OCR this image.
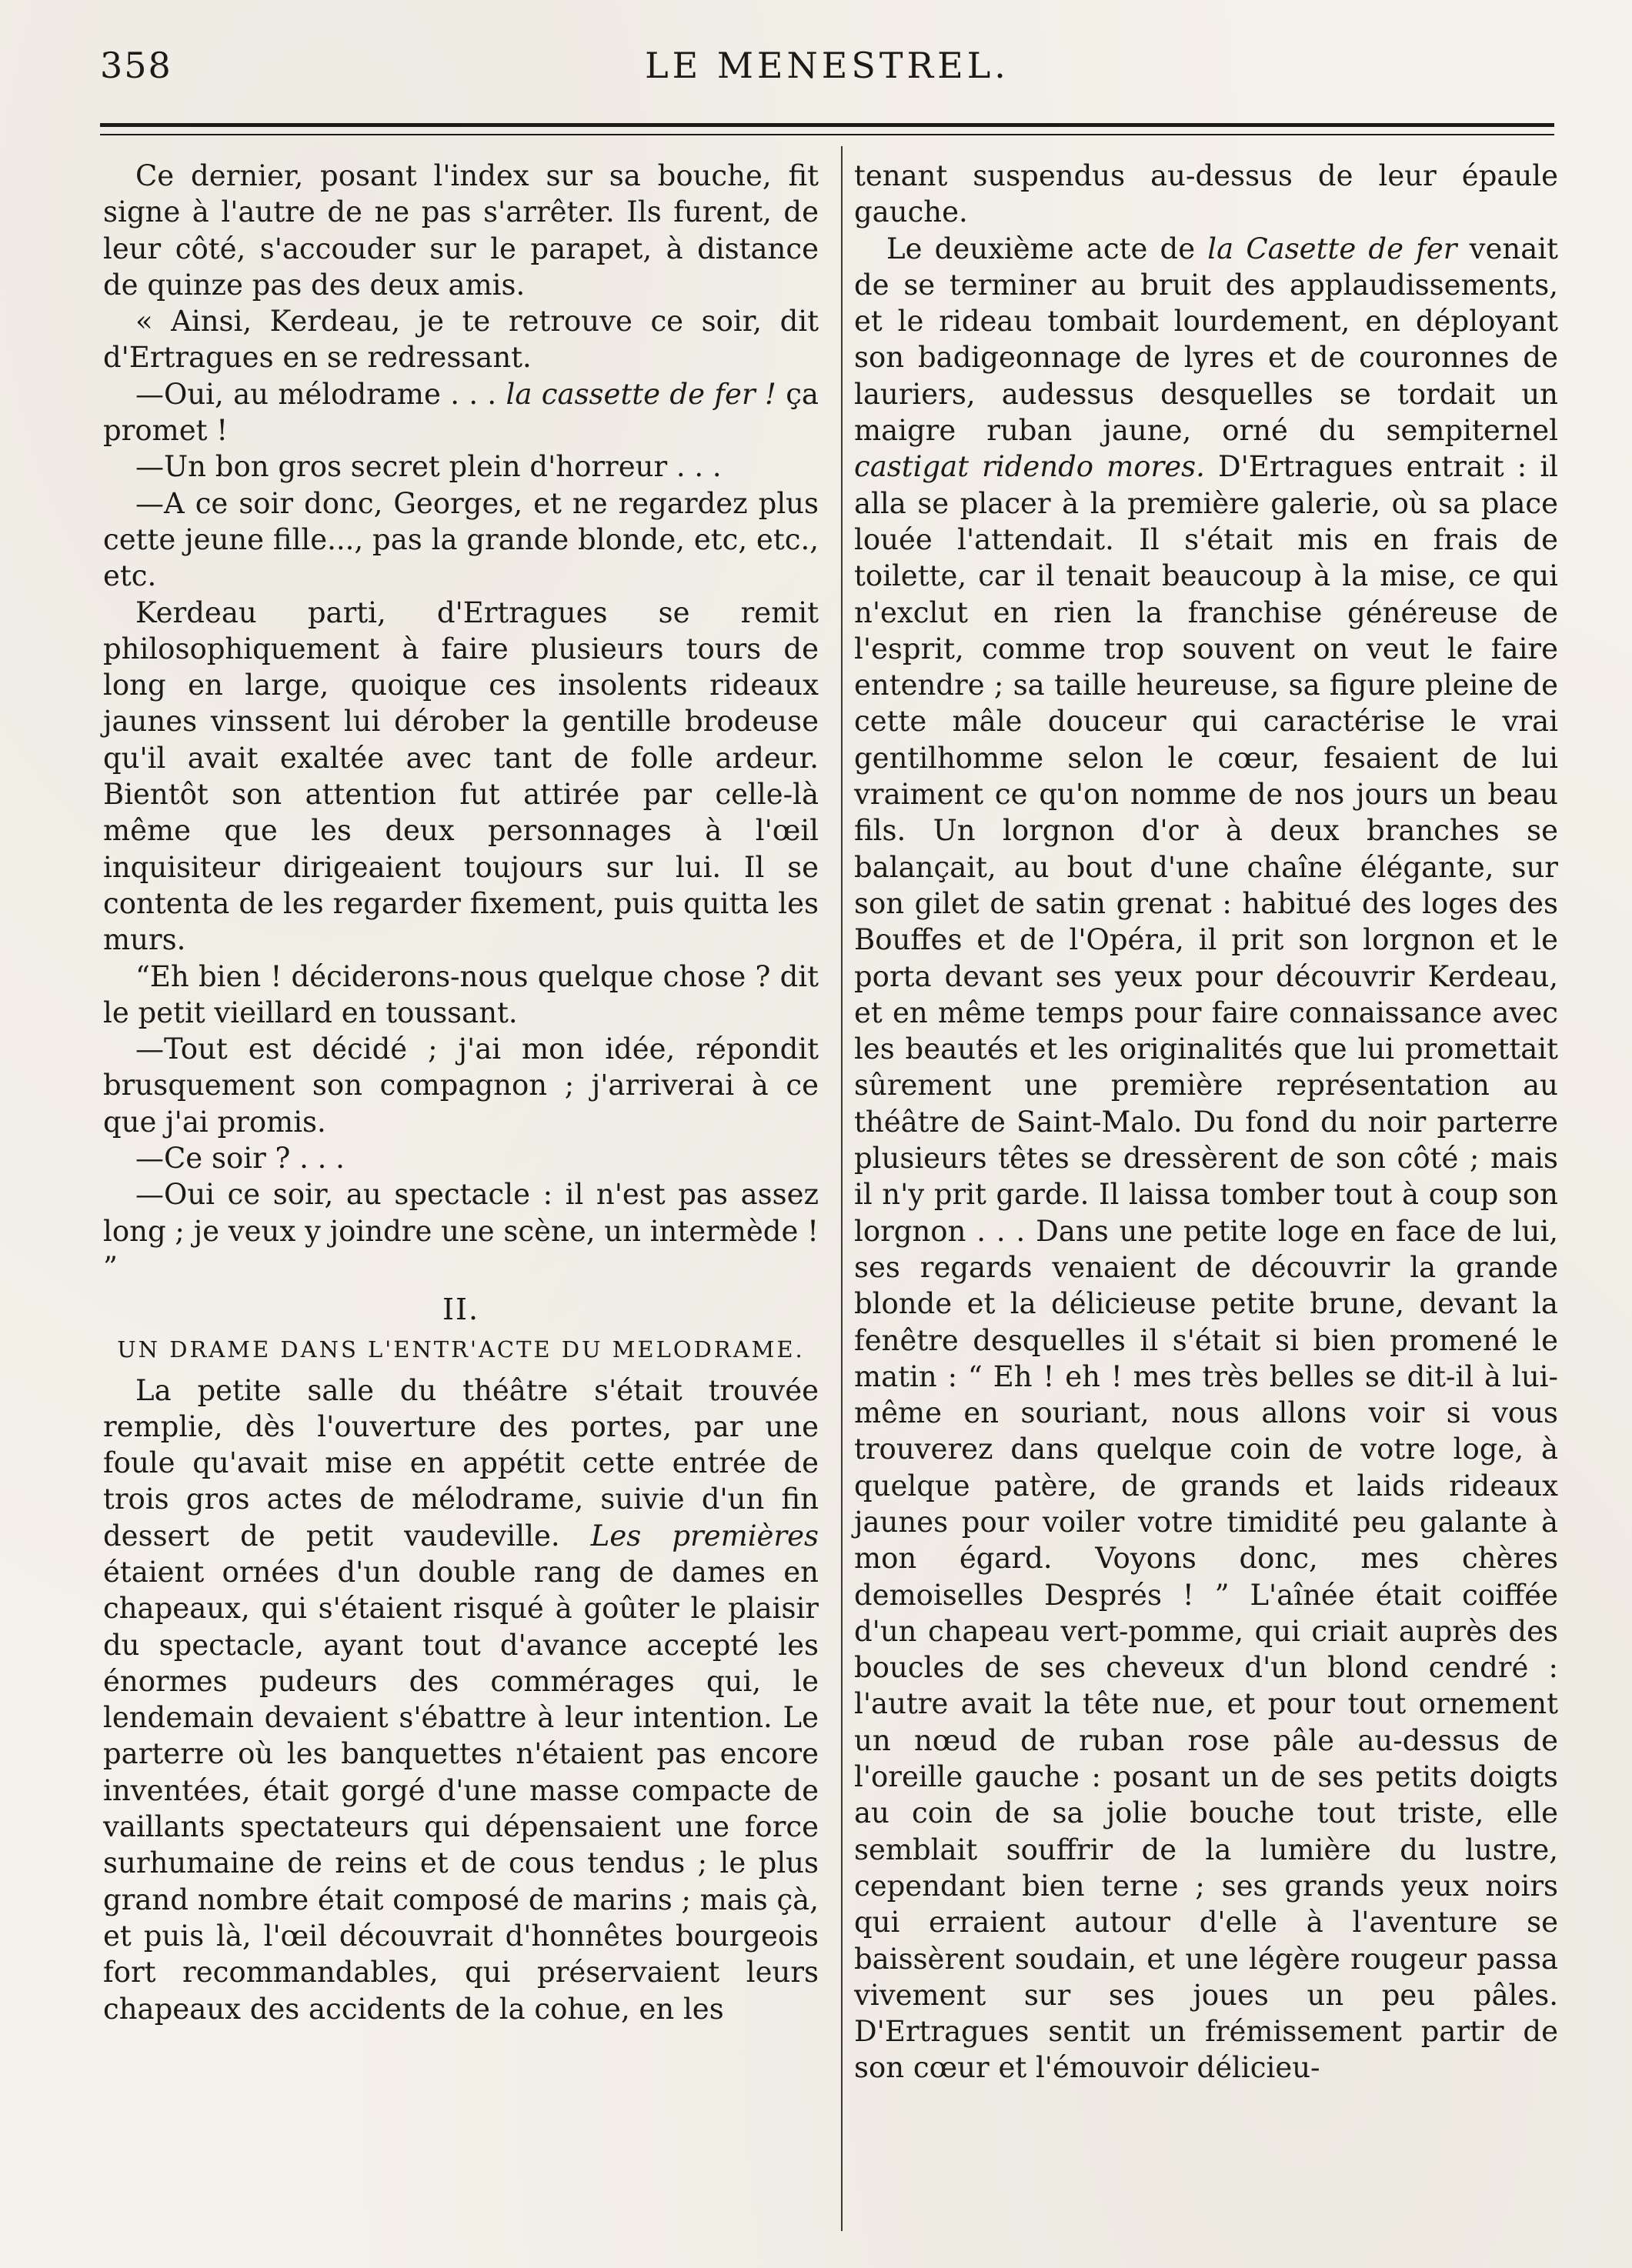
358	LE MENESTREL.

Ce dernier, posant l'index sur sa bouche, fit signe à l'autre de ne pas s'arrêter. Ils furent, de leur côté, s'accouder sur le parapet, à distance de quinze pas des deux amis.

« Ainsi, Kerdeau, je te retrouve ce soir, dit d'Ertragues en se redressant.

—Oui, au mélodrame . . . la cassette de fer ! ça promet !

—Un bon gros secret plein d'horreur . . .

—A ce soir donc, Georges, et ne regardez plus cette jeune fille..., pas la grande blonde, etc, etc., etc.

Kerdeau parti, d'Ertragues se remit philosophiquement à faire plusieurs tours de long en large, quoique ces insolents rideaux jaunes vinssent lui dérober la gentille brodeuse qu'il avait exaltée avec tant de folle ardeur. Bientôt son attention fut attirée par celle-là même que les deux personnages à l'œil inquisiteur dirigeaient toujours sur lui. Il se contenta de les regarder fixement, puis quitta les murs.

“Eh bien ! déciderons-nous quelque chose ? dit le petit vieillard en toussant.

—Tout est décidé ; j'ai mon idée, répondit brusquement son compagnon ; j'arriverai à ce que j'ai promis.

—Ce soir ? . . .

—Oui ce soir, au spectacle : il n'est pas assez long ; je veux y joindre une scène, un intermède ! ”

II.
UN DRAME DANS L'ENTR'ACTE DU MELODRAME.

La petite salle du théâtre s'était trouvée remplie, dès l'ouverture des portes, par une foule qu'avait mise en appétit cette entrée de trois gros actes de mélodrame, suivie d'un fin dessert de petit vaudeville. Les premières étaient ornées d'un double rang de dames en chapeaux, qui s'étaient risqué à goûter le plaisir du spectacle, ayant tout d'avance accepté les énormes pudeurs des commérages qui, le lendemain devaient s'ébattre à leur intention. Le parterre où les banquettes n'étaient pas encore inventées, était gorgé d'une masse compacte de vaillants spectateurs qui dépensaient une force surhumaine de reins et de cous tendus ; le plus grand nombre était composé de marins ; mais çà, et puis là, l'œil découvrait d'honnêtes bourgeois fort recommandables, qui préservaient leurs chapeaux des accidents de la cohue, en les

tenant suspendus au-dessus de leur épaule gauche.

Le deuxième acte de la Casette de fer venait de se terminer au bruit des applaudissements, et le rideau tombait lourdement, en déployant son badigeonnage de lyres et de couronnes de lauriers, audessus desquelles se tordait un maigre ruban jaune, orné du sempiternel castigat ridendo mores. D'Ertragues entrait : il alla se placer à la première galerie, où sa place louée l'attendait. Il s'était mis en frais de toilette, car il tenait beaucoup à la mise, ce qui n'exclut en rien la franchise généreuse de l'esprit, comme trop souvent on veut le faire entendre ; sa taille heureuse, sa figure pleine de cette mâle douceur qui caractérise le vrai gentilhomme selon le cœur, fesaient de lui vraiment ce qu'on nomme de nos jours un beau fils. Un lorgnon d'or à deux branches se balançait, au bout d'une chaîne élégante, sur son gilet de satin grenat : habitué des loges des Bouffes et de l'Opéra, il prit son lorgnon et le porta devant ses yeux pour découvrir Kerdeau, et en même temps pour faire connaissance avec les beautés et les originalités que lui promettait sûrement une première représentation au théâtre de Saint-Malo. Du fond du noir parterre plusieurs têtes se dressèrent de son côté ; mais il n'y prit garde. Il laissa tomber tout à coup son lorgnon . . . Dans une petite loge en face de lui, ses regards venaient de découvrir la grande blonde et la délicieuse petite brune, devant la fenêtre desquelles il s'était si bien promené le matin : “ Eh ! eh ! mes très belles se dit-il à lui-même en souriant, nous allons voir si vous trouverez dans quelque coin de votre loge, à quelque patère, de grands et laids rideaux jaunes pour voiler votre timidité peu galante à mon égard. Voyons donc, mes chères demoiselles Després ! ” L'aînée était coiffée d'un chapeau vert-pomme, qui criait auprès des boucles de ses cheveux d'un blond cendré : l'autre avait la tête nue, et pour tout ornement un nœud de ruban rose pâle au-dessus de l'oreille gauche : posant un de ses petits doigts au coin de sa jolie bouche tout triste, elle semblait souffrir de la lumière du lustre, cependant bien terne ; ses grands yeux noirs qui erraient autour d'elle à l'aventure se baissèrent soudain, et une légère rougeur passa vivement sur ses joues un peu pâles. D'Ertragues sentit un frémissement partir de son cœur et l'émouvoir délicieu-
